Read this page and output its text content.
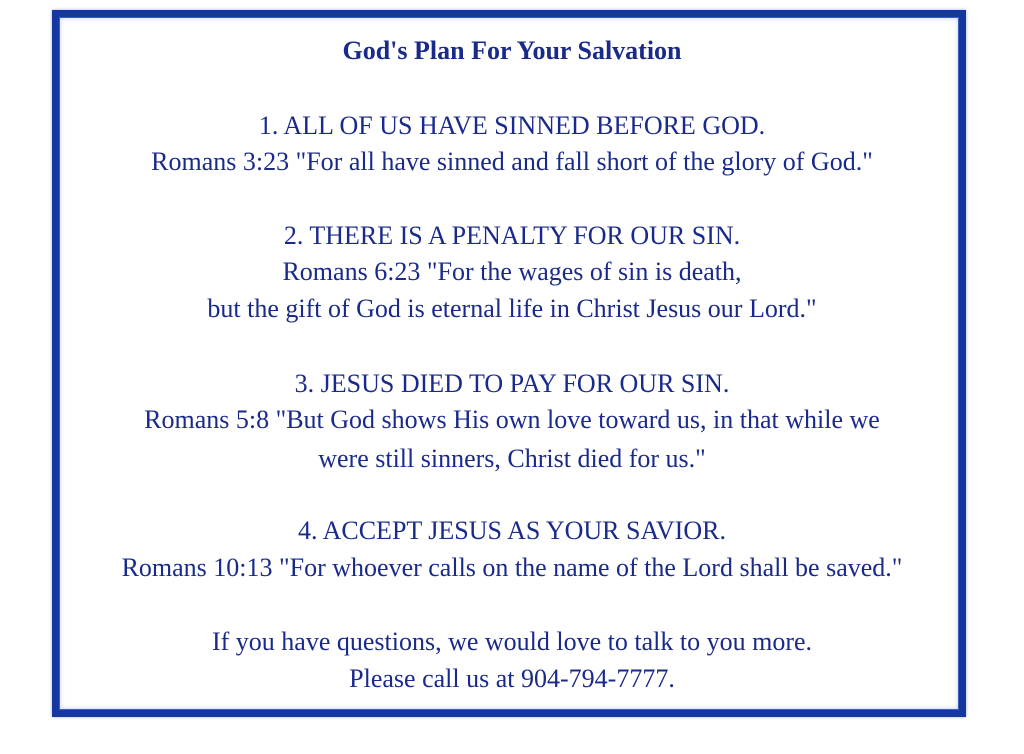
God's Plan For Your Salvation
1. ALL OF US HAVE SINNED BEFORE GOD.
Romans 3:23 "For all have sinned and fall short of the glory of God."
2. THERE IS A PENALTY FOR OUR SIN.
Romans 6:23 "For the wages of sin is death,
but the gift of God is eternal life in Christ Jesus our Lord."
3. JESUS DIED TO PAY FOR OUR SIN.
Romans 5:8 "But God shows His own love toward us, in that while we
were still sinners, Christ died for us."
4. ACCEPT JESUS AS YOUR SAVIOR.
Romans 10:13 "For whoever calls on the name of the Lord shall be saved."
If you have questions, we would love to talk to you more.
Please call us at 904-794-7777.
